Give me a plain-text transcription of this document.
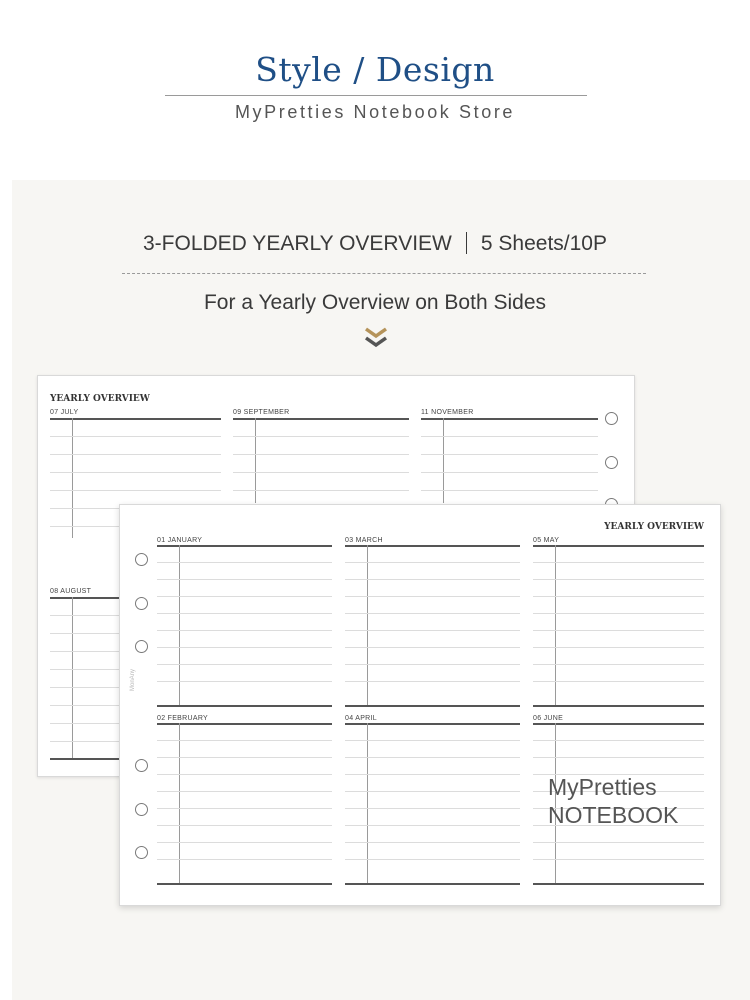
Style / Design
MyPretties Notebook Store
3-FOLDED YEARLY OVERVIEW 5 Sheets/10P
For a Yearly Overview on Both Sides
YEARLY OVERVIEW
07 JULY	09 SEPTEMBER	11 NOVEMBER
08 AUGUST
YEARLY OVERVIEW
MonAny
01 JANUARY	03 MARCH	05 MAY
02 FEBRUARY	04 APRIL	06 JUNE
MyPretties
NOTEBOOK
